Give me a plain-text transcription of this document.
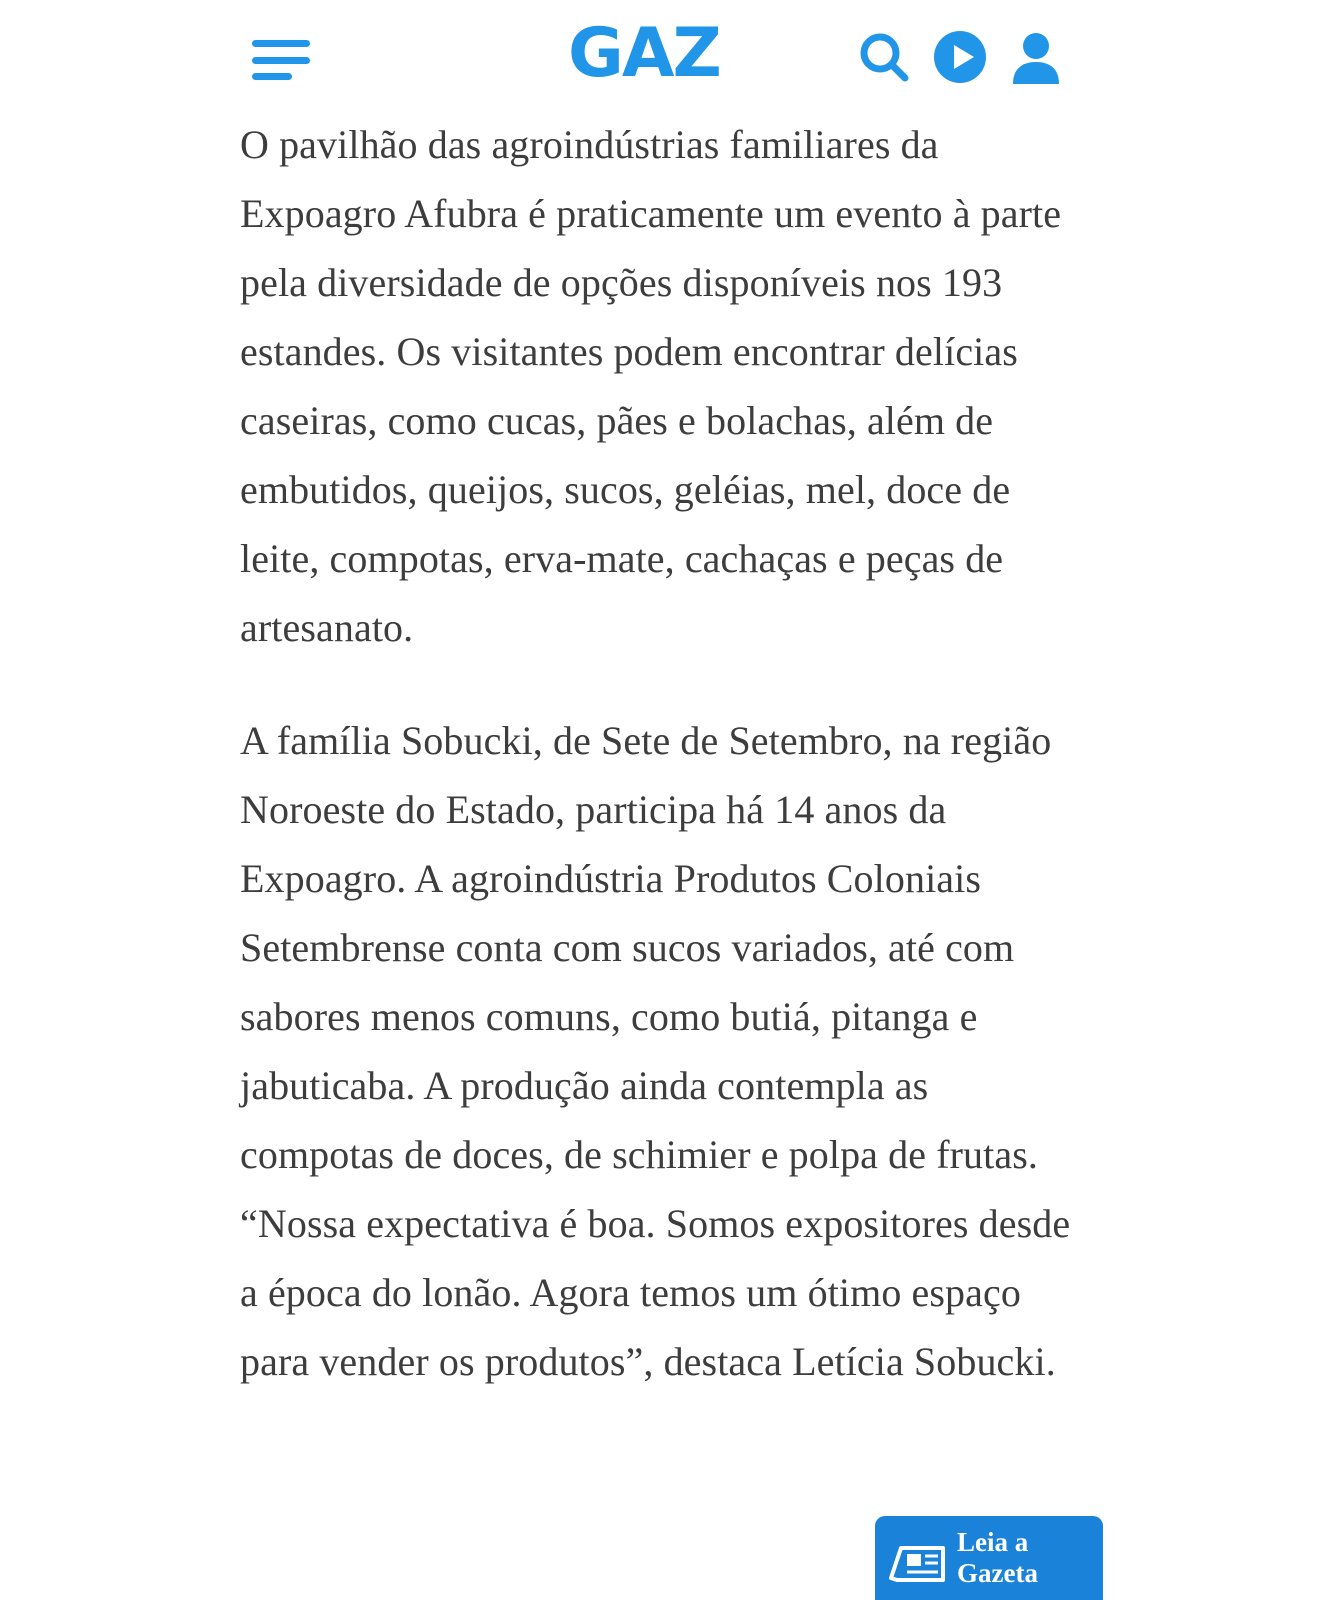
GAZ

O pavilhão das agroindústrias familiares da Expoagro Afubra é praticamente um evento à parte pela diversidade de opções disponíveis nos 193 estandes. Os visitantes podem encontrar delícias caseiras, como cucas, pães e bolachas, além de embutidos, queijos, sucos, geléias, mel, doce de leite, compotas, erva-mate, cachaças e peças de artesanato.

A família Sobucki, de Sete de Setembro, na região Noroeste do Estado, participa há 14 anos da Expoagro. A agroindústria Produtos Coloniais Setembrense conta com sucos variados, até com sabores menos comuns, como butiá, pitanga e jabuticaba. A produção ainda contempla as compotas de doces, de schimier e polpa de frutas. “Nossa expectativa é boa. Somos expositores desde a época do lonão. Agora temos um ótimo espaço para vender os produtos”, destaca Letícia Sobucki.

Leia a
Gazeta
